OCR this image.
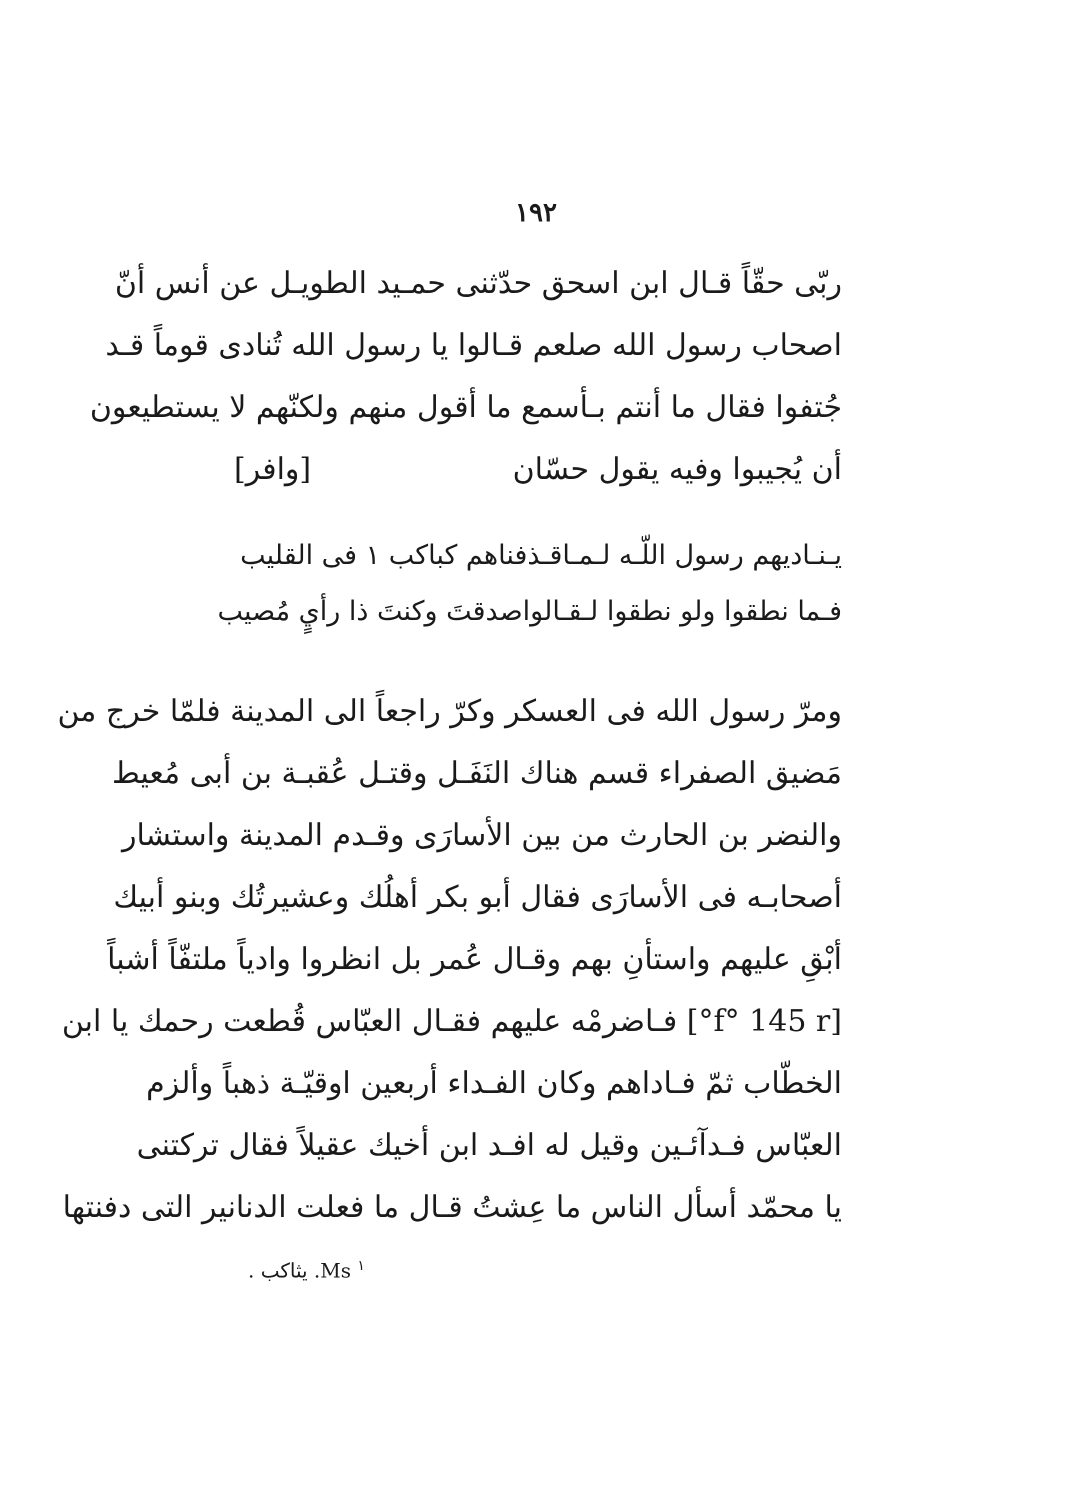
١٩٢
ربّى حقّاً قـال ابن اسحق حدّثنى حمـيد الطويـل عن أنس أنّ
اصحاب رسول الله صلعم قـالوا يا رسول الله تُنادى قوماً قـد
جُتفوا فقال ما أنتم بـأسمع ما أقول منهم ولكنّهم لا يستطيعون
أن يُجيبوا وفيه يقول حسّان
[وافر]
يـنـاديهم رسول اللّـه لـمـا
قـذفناهم كباكب ١ فى القليب
فـما نطقوا ولو نطقوا لـقـالوا
صدقتَ وكنتَ ذا رأيٍ مُصيب
ومرّ رسول الله فى العسكر وكرّ راجعاً الى المدينة فلمّا خرج من
مَضيق الصفراء قسم هناك النَفَـل وقتـل عُقبـة بن أبى مُعيط
والنضر بن الحارث من بين الأسارَى وقـدم المدينة واستشار
أصحابـه فى الأسارَى فقال أبو بكر أهلُك وعشيرتُك وبنو أبيك
أبْقِ عليهم واستأنِ بهم وقـال عُمر بل انظروا وادياً ملتفّاً أشباً
[f° 145 r°] فـاضرمْه عليهم فقـال العبّاس قُطعت رحمك يا ابن
الخطّاب ثمّ فـاداهم وكان الفـداء أربعين اوقيّـة ذهباً وألزم
العبّاس فـدآئـين وقيل له افـد ابن أخيك عقيلاً فقال تركتنى
يا محمّد أسأل الناس ما عِشتُ قـال ما فعلت الدنانير التى دفنتها
$^١$ Ms. يثاكب .
